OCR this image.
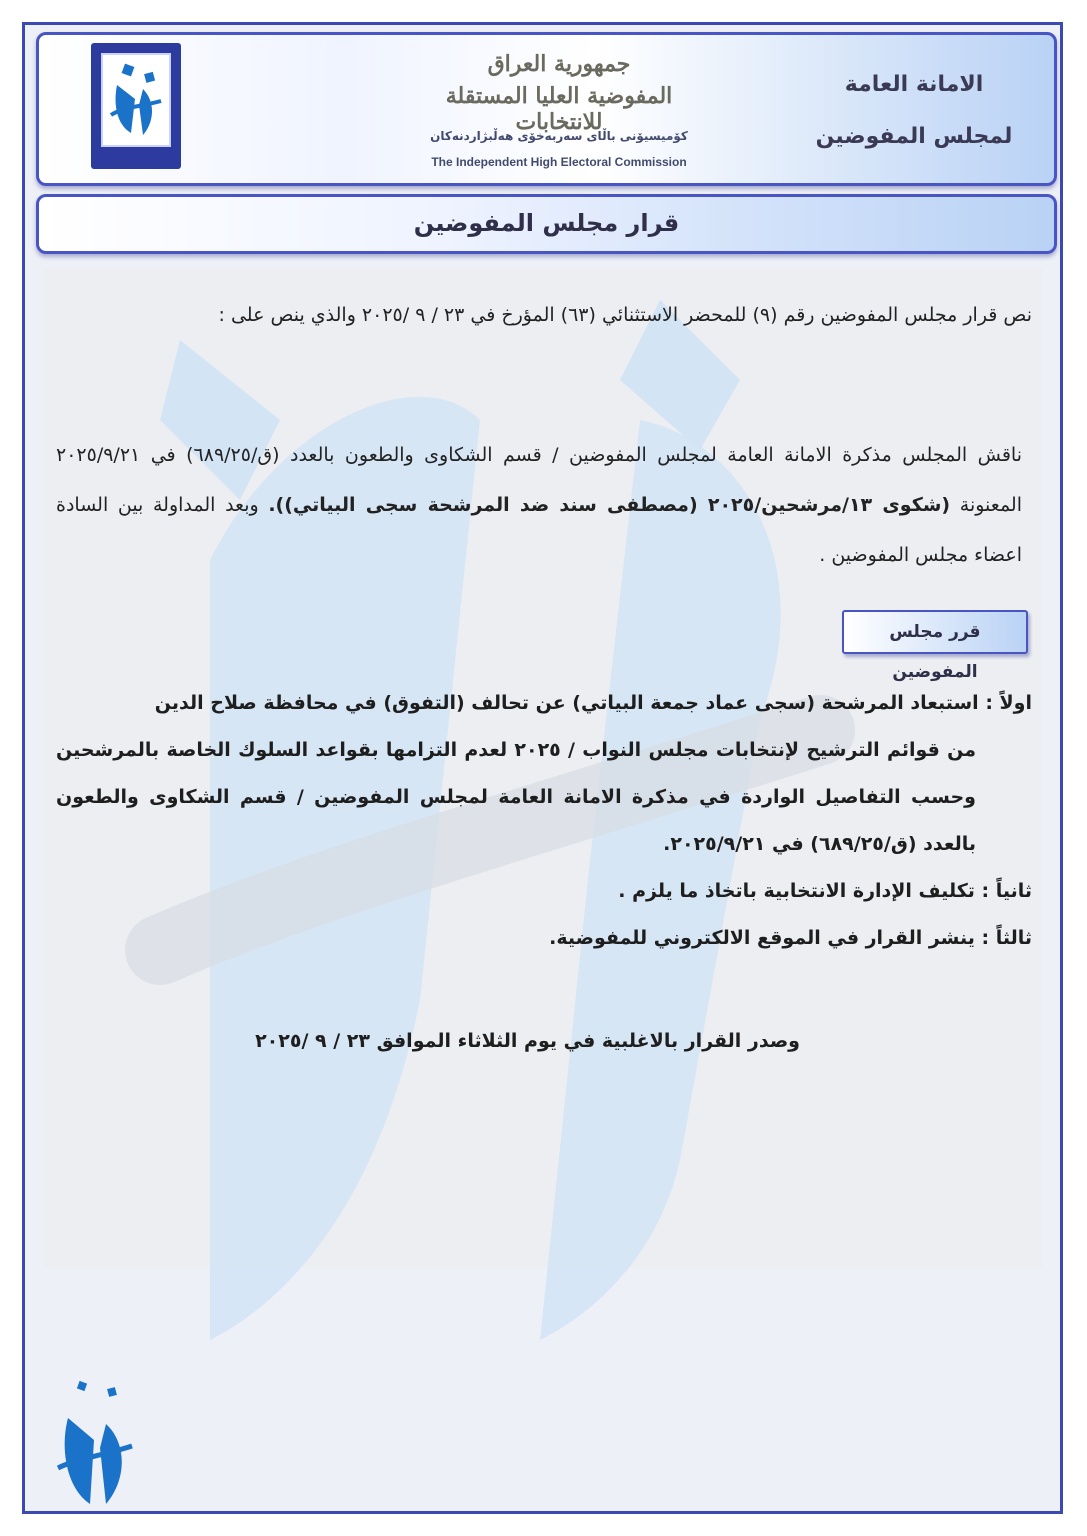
جمهورية العراق
المفوضية العليا المستقلة للانتخابات
كۆمیسیۆنی باڵای سەربەخۆی هەڵبژاردنەکان
The Independent High Electoral Commission
الامانة العامة
لمجلس المفوضين
قرار مجلس المفوضين
نص قرار مجلس المفوضين رقم (٩) للمحضر الاستثنائي (٦٣) المؤرخ في ٢٣ / ٩ /٢٠٢٥ والذي ينص على :
ناقش المجلس مذكرة الامانة العامة لمجلس المفوضين / قسم الشكاوى والطعون بالعدد (ق/٦٨٩/٢٥) في ٢٠٢٥/٩/٢١ المعنونة (شكوى ١٣/مرشحين/٢٠٢٥ (مصطفى سند ضد المرشحة سجى البياتي)). وبعد المداولة بين السادة اعضاء مجلس المفوضين .
قرر مجلس المفوضين
اولاً : استبعاد المرشحة (سجى عماد جمعة البياتي) عن تحالف (التفوق) في محافظة صلاح الدين
من قوائم الترشيح لإنتخابات مجلس النواب / ٢٠٢٥ لعدم التزامها بقواعد السلوك الخاصة بالمرشحين وحسب التفاصيل الواردة في مذكرة الامانة العامة لمجلس المفوضين / قسم الشكاوى والطعون بالعدد (ق/٦٨٩/٢٥) في ٢٠٢٥/٩/٢١.
ثانياً : تكليف الإدارة الانتخابية باتخاذ ما يلزم .
ثالثاً : ينشر القرار في الموقع الالكتروني للمفوضية.
وصدر القرار بالاغلبية في يوم الثلاثاء الموافق ٢٣ / ٩ /٢٠٢٥
